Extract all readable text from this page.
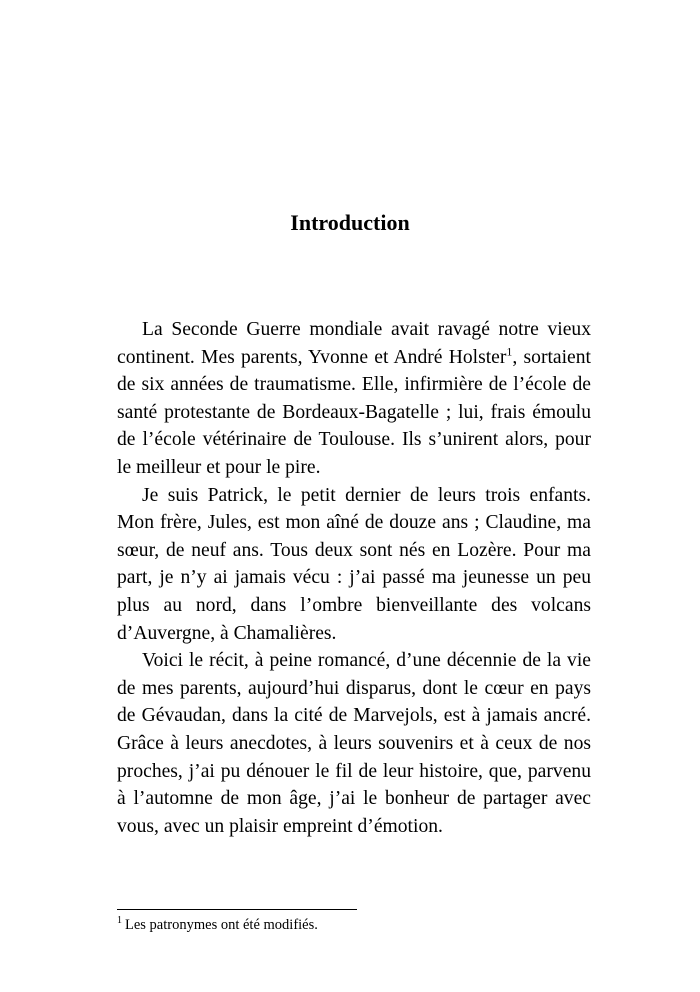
Introduction

La Seconde Guerre mondiale avait ravagé notre vieux continent. Mes parents, Yvonne et André Holster$^1$, sortaient de six années de traumatisme. Elle, infirmière de l’école de santé protestante de Bordeaux-Bagatelle ; lui, frais émoulu de l’école vétérinaire de Toulouse. Ils s’unirent alors, pour le meilleur et pour le pire.

Je suis Patrick, le petit dernier de leurs trois enfants. Mon frère, Jules, est mon aîné de douze ans ; Claudine, ma sœur, de neuf ans. Tous deux sont nés en Lozère. Pour ma part, je n’y ai jamais vécu : j’ai passé ma jeunesse un peu plus au nord, dans l’ombre bienveillante des volcans d’Auvergne, à Chamalières.

Voici le récit, à peine romancé, d’une décennie de la vie de mes parents, aujourd’hui disparus, dont le cœur en pays de Gévaudan, dans la cité de Marvejols, est à jamais ancré. Grâce à leurs anecdotes, à leurs souvenirs et à ceux de nos proches, j’ai pu dénouer le fil de leur histoire, que, parvenu à l’automne de mon âge, j’ai le bonheur de partager avec vous, avec un plaisir empreint d’émotion.

$^1$ Les patronymes ont été modifiés.
